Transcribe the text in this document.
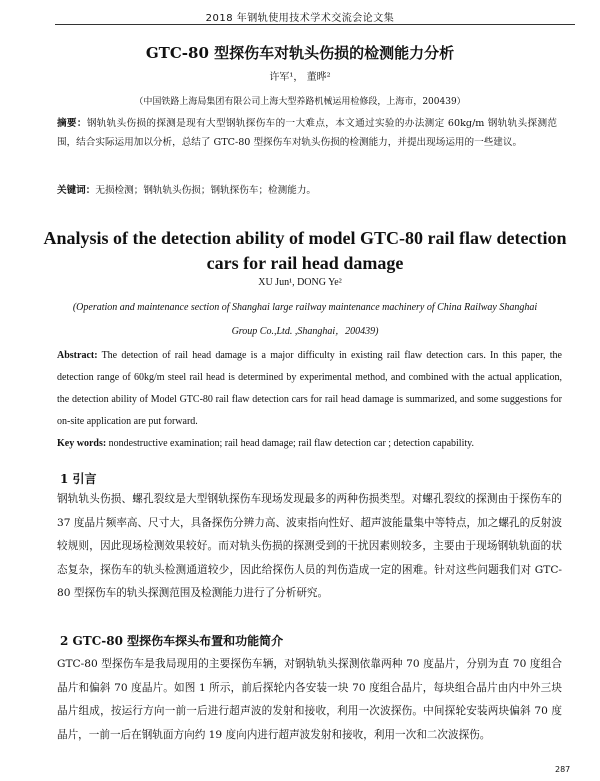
2018 年钢轨使用技术学术交流会论文集
GTC-80 型探伤车对轨头伤损的检测能力分析
许军¹， 董晔²
（中国铁路上海局集团有限公司上海大型养路机械运用检修段，上海市，200439）
摘要：钢轨轨头伤损的探测是现有大型钢轨探伤车的一大难点，本文通过实验的办法测定 60kg/m 钢轨轨头探测范围，结合实际运用加以分析，总结了 GTC-80 型探伤车对轨头伤损的检测能力，并提出现场运用的一些建议。
关键词：无损检测；钢轨轨头伤损；钢轨探伤车；检测能力。
Analysis of the detection ability of model GTC-80 rail flaw detection cars for rail head damage
XU Jun¹, DONG Ye²
(Operation and maintenance section of Shanghai large railway maintenance machinery of China Railway Shanghai Group Co.,Ltd. ,Shanghai，200439)
Abstract: The detection of rail head damage is a major difficulty in existing rail flaw detection cars. In this paper, the detection range of 60kg/m steel rail head is determined by experimental method, and combined with the actual application, the detection ability of Model GTC-80 rail flaw detection cars for rail head damage is summarized, and some suggestions for on-site application are put forward.
Key words: nondestructive examination; rail head damage; rail flaw detection car ; detection capability.
1 引言
钢轨轨头伤损、螺孔裂纹是大型钢轨探伤车现场发现最多的两种伤损类型。对螺孔裂纹的探测由于探伤车的 37 度晶片频率高、尺寸大，具备探伤分辨力高、波束指向性好、超声波能量集中等特点，加之螺孔的反射波较规则，因此现场检测效果较好。而对轨头伤损的探测受到的干扰因素则较多，主要由于现场钢轨轨面的状态复杂，探伤车的轨头检测通道较少，因此给探伤人员的判伤造成一定的困难。针对这些问题我们对 GTC-80 型探伤车的轨头探测范围及检测能力进行了分析研究。
2 GTC-80 型探伤车探头布置和功能简介
GTC-80 型探伤车是我局现用的主要探伤车辆，对钢轨轨头探测依靠两种 70 度晶片，分别为直 70 度组合晶片和偏斜 70 度晶片。如图 1 所示，前后探轮内各安装一块 70 度组合晶片，每块组合晶片由内中外三块晶片组成，按运行方向一前一后进行超声波的发射和接收，利用一次波探伤。中间探轮安装两块偏斜 70 度晶片，一前一后在钢轨面方向约 19 度向内进行超声波发射和接收，利用一次和二次波探伤。
287
